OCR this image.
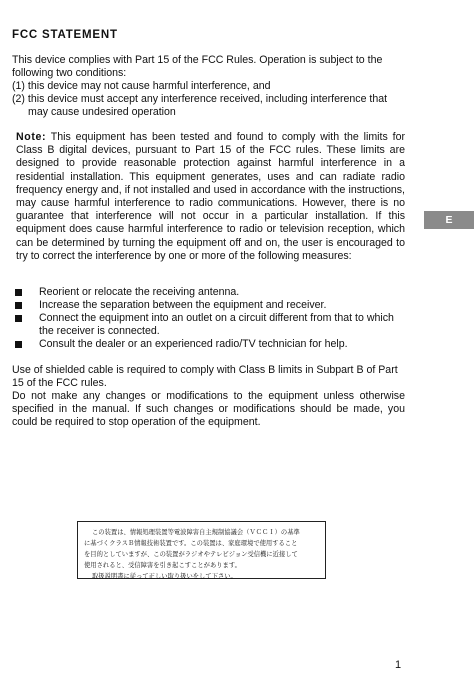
FCC STATEMENT

This device complies with Part 15 of the FCC Rules. Operation is subject to the following two conditions:

(1) this device may not cause harmful interference, and

(2) this device must accept any interference received, including interference that

may cause undesired operation

Note: This equipment has been tested and found to comply with the limits for Class B digital devices, pursuant to Part 15 of the FCC rules. These limits are designed to provide reasonable protection against harmful interference in a residential installation. This equipment generates, uses and can radiate radio frequency energy and, if not installed and used in accordance with the instructions, may cause harmful interference to radio communications. However, there is no guarantee that interference will not occur in a particular installation. If this equipment does cause harmful interference to radio or television reception, which can be determined by turning the equipment off and on, the user is encouraged to try to correct the interference by one or more of the following measures:
Reorient or relocate the receiving antenna.
Increase the separation between the equipment and receiver.
Connect the equipment into an outlet on a circuit different from that to which the receiver is connected.
Consult the dealer or an experienced radio/TV technician for help.

Use of shielded cable is required to comply with Class B limits in Subpart B of Part 15 of the FCC rules.

Do not make any changes or modifications to the equipment unless otherwise specified in the manual. If such changes or modifications should be made, you could be required to stop operation of the equipment.

E
この装置は、情報処理装置等電波障害自主規制協議会（ＶＣＣＩ）の基準
に基づくクラスＢ情報技術装置です。この装置は、家庭環境で使用すること
を目的としていますが、この装置がラジオやテレビジョン受信機に近接して
使用されると、受信障害を引き起こすことがあります。
取扱説明書に従って正しい取り扱いをして下さい。
1
